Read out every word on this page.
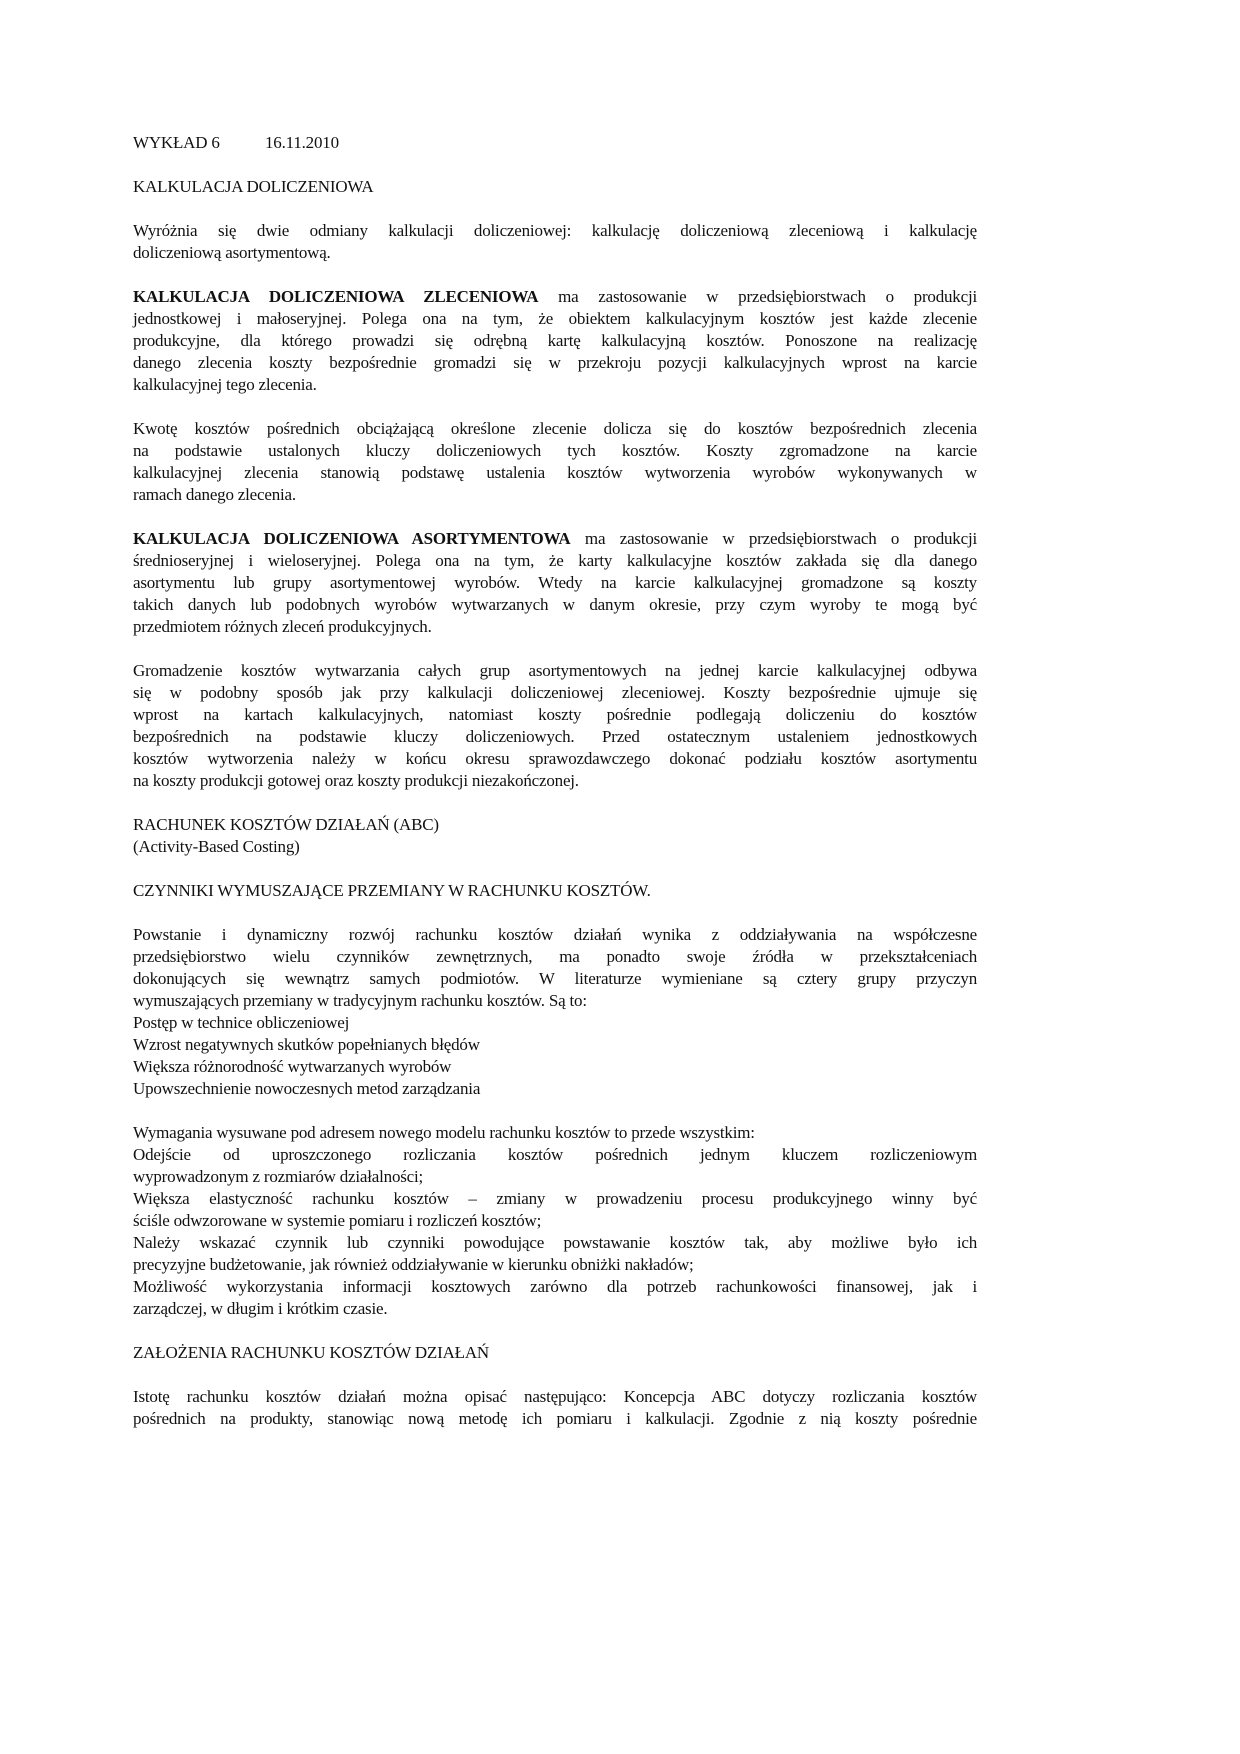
WYKŁAD 6	16.11.2010
KALKULACJA DOLICZENIOWA
Wyróżnia się dwie odmiany kalkulacji doliczeniowej: kalkulację doliczeniową zleceniową i kalkulację
doliczeniową asortymentową.
KALKULACJA DOLICZENIOWA ZLECENIOWA ma zastosowanie w przedsiębiorstwach o produkcji
jednostkowej i małoseryjnej. Polega ona na tym, że obiektem kalkulacyjnym kosztów jest każde zlecenie
produkcyjne, dla którego prowadzi się odrębną kartę kalkulacyjną kosztów. Ponoszone na realizację
danego zlecenia koszty bezpośrednie gromadzi się w przekroju pozycji kalkulacyjnych wprost na karcie
kalkulacyjnej tego zlecenia.
Kwotę kosztów pośrednich obciążającą określone zlecenie dolicza się do kosztów bezpośrednich zlecenia
na podstawie ustalonych kluczy doliczeniowych tych kosztów. Koszty zgromadzone na karcie
kalkulacyjnej zlecenia stanowią podstawę ustalenia kosztów wytworzenia wyrobów wykonywanych w
ramach danego zlecenia.
KALKULACJA DOLICZENIOWA ASORTYMENTOWA ma zastosowanie w przedsiębiorstwach o produkcji
średnioseryjnej i wieloseryjnej. Polega ona na tym, że karty kalkulacyjne kosztów zakłada się dla danego
asortymentu lub grupy asortymentowej wyrobów. Wtedy na karcie kalkulacyjnej gromadzone są koszty
takich danych lub podobnych wyrobów wytwarzanych w danym okresie, przy czym wyroby te mogą być
przedmiotem różnych zleceń produkcyjnych.
Gromadzenie kosztów wytwarzania całych grup asortymentowych na jednej karcie kalkulacyjnej odbywa
się w podobny sposób jak przy kalkulacji doliczeniowej zleceniowej. Koszty bezpośrednie ujmuje się
wprost na kartach kalkulacyjnych, natomiast koszty pośrednie podlegają doliczeniu do kosztów
bezpośrednich na podstawie kluczy doliczeniowych. Przed ostatecznym ustaleniem jednostkowych
kosztów wytworzenia należy w końcu okresu sprawozdawczego dokonać podziału kosztów asortymentu
na koszty produkcji gotowej oraz koszty produkcji niezakończonej.
RACHUNEK KOSZTÓW DZIAŁAŃ (ABC)
(Activity-Based Costing)
CZYNNIKI WYMUSZAJĄCE PRZEMIANY W RACHUNKU KOSZTÓW.
Powstanie i dynamiczny rozwój rachunku kosztów działań wynika z oddziaływania na współczesne
przedsiębiorstwo wielu czynników zewnętrznych, ma ponadto swoje źródła w przekształceniach
dokonujących się wewnątrz samych podmiotów. W literaturze wymieniane są cztery grupy przyczyn
wymuszających przemiany w tradycyjnym rachunku kosztów. Są to:
Postęp w technice obliczeniowej
Wzrost negatywnych skutków popełnianych błędów
Większa różnorodność wytwarzanych wyrobów
Upowszechnienie nowoczesnych metod zarządzania
Wymagania wysuwane pod adresem nowego modelu rachunku kosztów to przede wszystkim:
Odejście od uproszczonego rozliczania kosztów pośrednich jednym kluczem rozliczeniowym
wyprowadzonym z rozmiarów działalności;
Większa elastyczność rachunku kosztów – zmiany w prowadzeniu procesu produkcyjnego winny być
ściśle odwzorowane w systemie pomiaru i rozliczeń kosztów;
Należy wskazać czynnik lub czynniki powodujące powstawanie kosztów tak, aby możliwe było ich
precyzyjne budżetowanie, jak również oddziaływanie w kierunku obniżki nakładów;
Możliwość wykorzystania informacji kosztowych zarówno dla potrzeb rachunkowości finansowej, jak i
zarządczej, w długim i krótkim czasie.
ZAŁOŻENIA RACHUNKU KOSZTÓW DZIAŁAŃ
Istotę rachunku kosztów działań można opisać następująco: Koncepcja ABC dotyczy rozliczania kosztów
pośrednich na produkty, stanowiąc nową metodę ich pomiaru i kalkulacji. Zgodnie z nią koszty pośrednie
